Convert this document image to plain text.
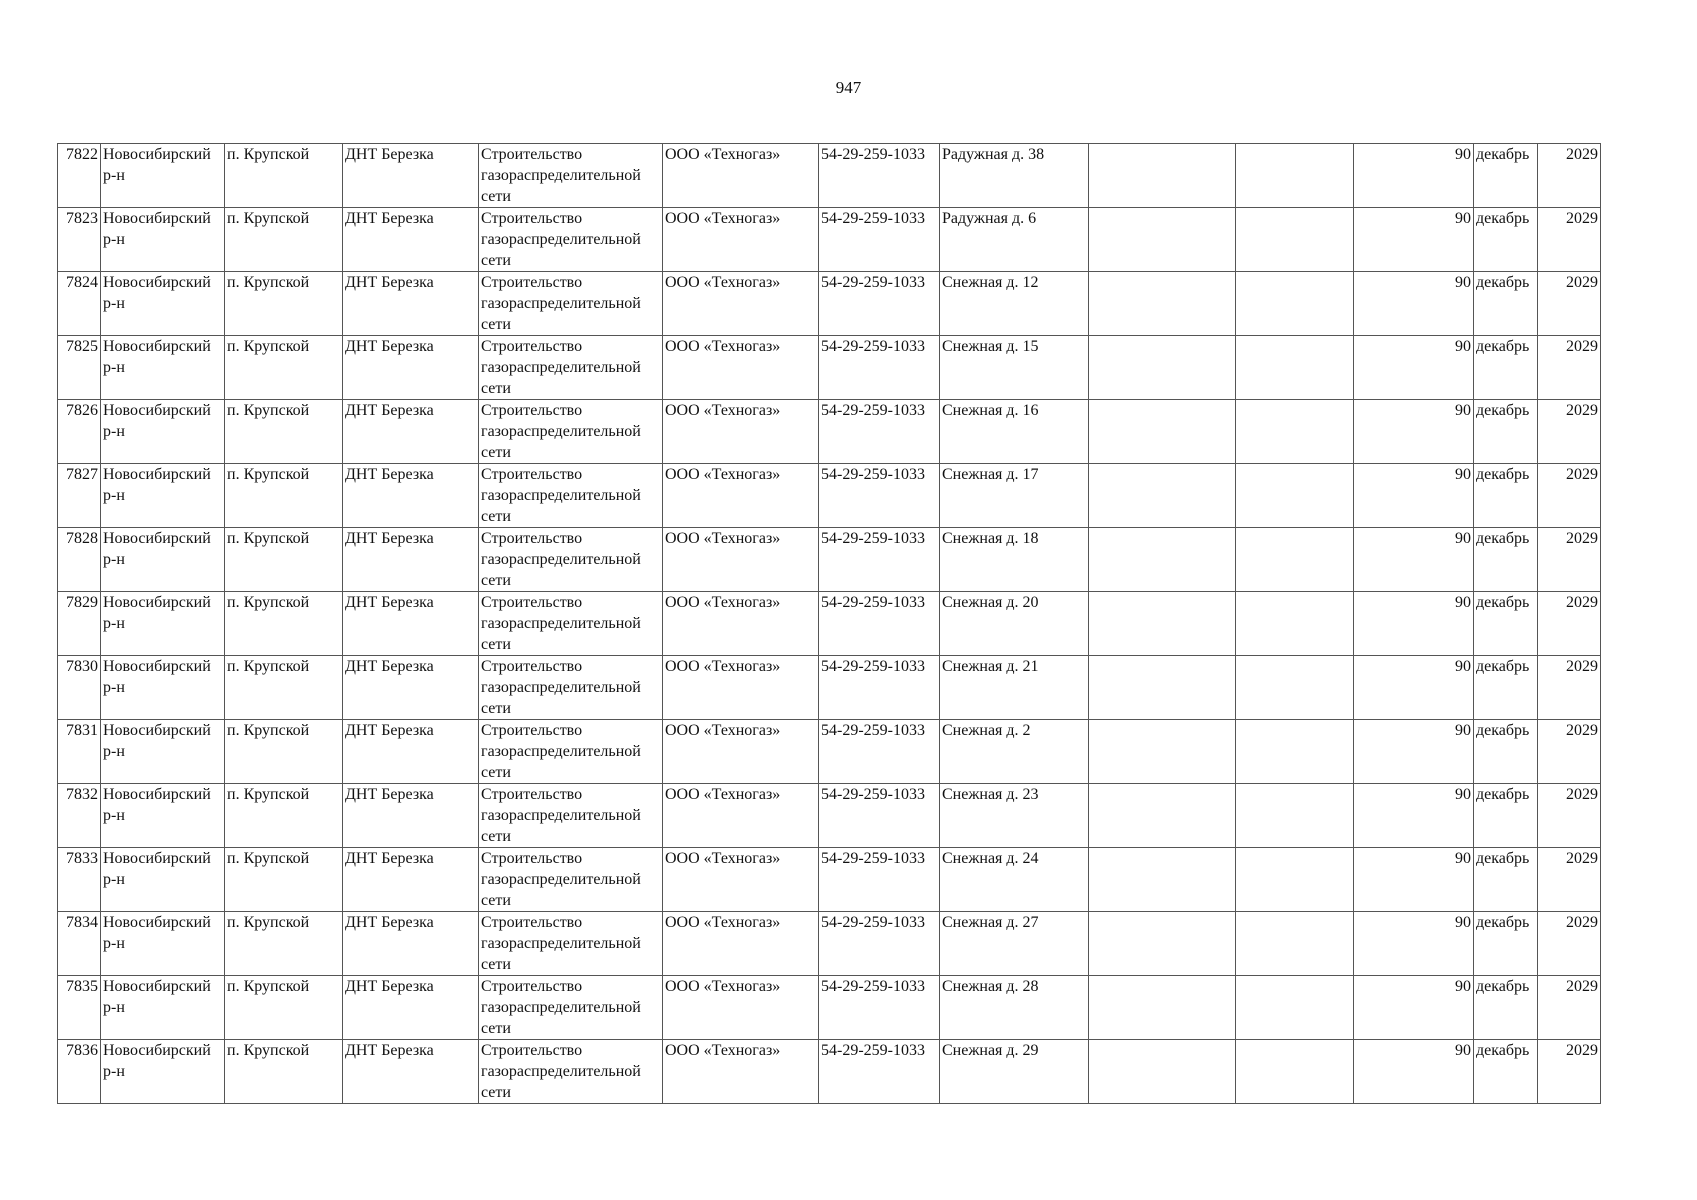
947
7822	Новосибирский р-н	п. Крупской	ДНТ Березка	Строительство газораспределительной сети	ООО «Техногаз»	54-29-259-1033	Радужная д. 38			90	декабрь	2029
7823	Новосибирский р-н	п. Крупской	ДНТ Березка	Строительство газораспределительной сети	ООО «Техногаз»	54-29-259-1033	Радужная д. 6			90	декабрь	2029
7824	Новосибирский р-н	п. Крупской	ДНТ Березка	Строительство газораспределительной сети	ООО «Техногаз»	54-29-259-1033	Снежная д. 12			90	декабрь	2029
7825	Новосибирский р-н	п. Крупской	ДНТ Березка	Строительство газораспределительной сети	ООО «Техногаз»	54-29-259-1033	Снежная д. 15			90	декабрь	2029
7826	Новосибирский р-н	п. Крупской	ДНТ Березка	Строительство газораспределительной сети	ООО «Техногаз»	54-29-259-1033	Снежная д. 16			90	декабрь	2029
7827	Новосибирский р-н	п. Крупской	ДНТ Березка	Строительство газораспределительной сети	ООО «Техногаз»	54-29-259-1033	Снежная д. 17			90	декабрь	2029
7828	Новосибирский р-н	п. Крупской	ДНТ Березка	Строительство газораспределительной сети	ООО «Техногаз»	54-29-259-1033	Снежная д. 18			90	декабрь	2029
7829	Новосибирский р-н	п. Крупской	ДНТ Березка	Строительство газораспределительной сети	ООО «Техногаз»	54-29-259-1033	Снежная д. 20			90	декабрь	2029
7830	Новосибирский р-н	п. Крупской	ДНТ Березка	Строительство газораспределительной сети	ООО «Техногаз»	54-29-259-1033	Снежная д. 21			90	декабрь	2029
7831	Новосибирский р-н	п. Крупской	ДНТ Березка	Строительство газораспределительной сети	ООО «Техногаз»	54-29-259-1033	Снежная д. 2			90	декабрь	2029
7832	Новосибирский р-н	п. Крупской	ДНТ Березка	Строительство газораспределительной сети	ООО «Техногаз»	54-29-259-1033	Снежная д. 23			90	декабрь	2029
7833	Новосибирский р-н	п. Крупской	ДНТ Березка	Строительство газораспределительной сети	ООО «Техногаз»	54-29-259-1033	Снежная д. 24			90	декабрь	2029
7834	Новосибирский р-н	п. Крупской	ДНТ Березка	Строительство газораспределительной сети	ООО «Техногаз»	54-29-259-1033	Снежная д. 27			90	декабрь	2029
7835	Новосибирский р-н	п. Крупской	ДНТ Березка	Строительство газораспределительной сети	ООО «Техногаз»	54-29-259-1033	Снежная д. 28			90	декабрь	2029
7836	Новосибирский р-н	п. Крупской	ДНТ Березка	Строительство газораспределительной сети	ООО «Техногаз»	54-29-259-1033	Снежная д. 29			90	декабрь	2029
